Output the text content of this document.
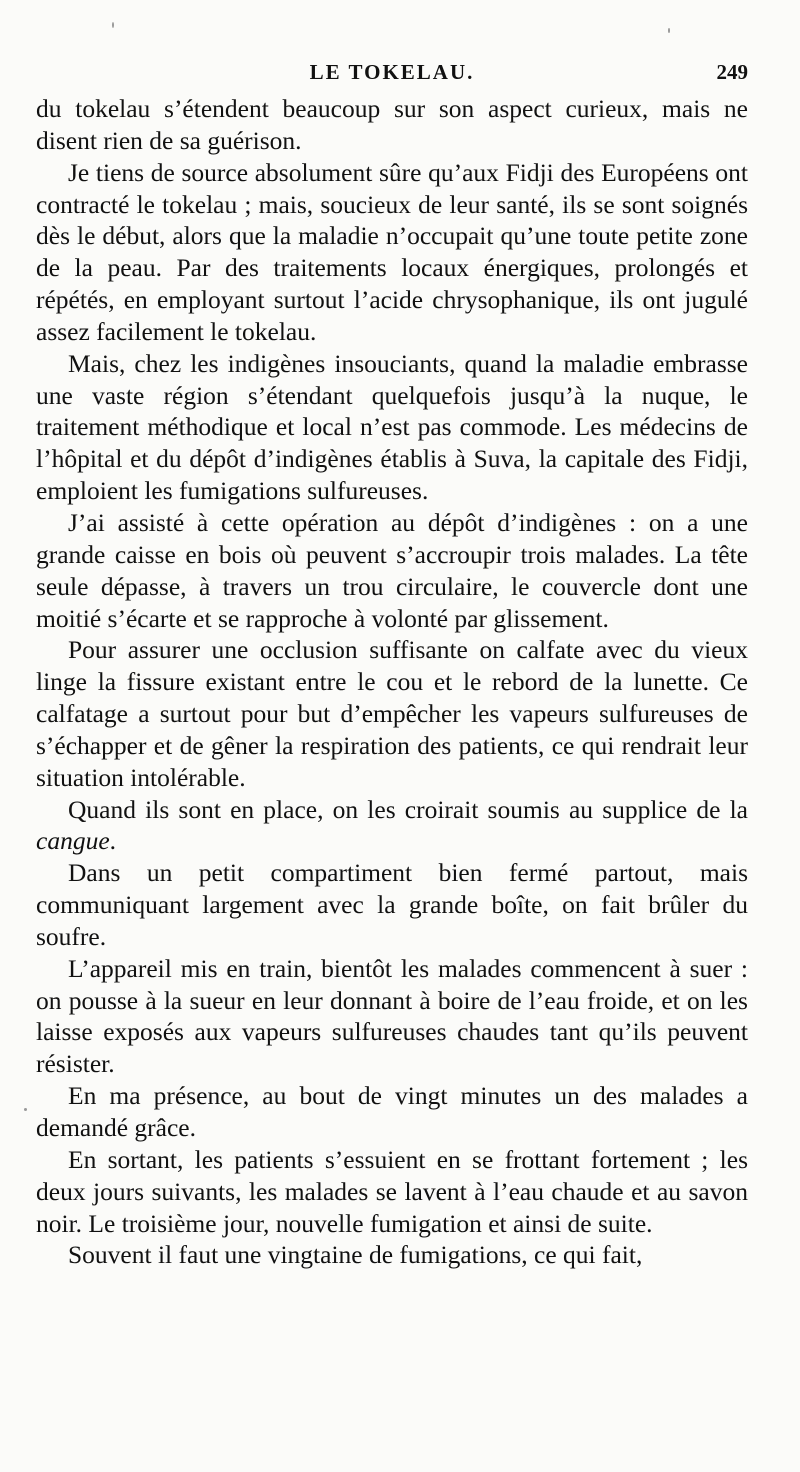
LE TOKELAU.	249

du tokelau s’étendent beaucoup sur son aspect curieux, mais ne disent rien de sa guérison.

Je tiens de source absolument sûre qu’aux Fidji des Européens ont contracté le tokelau ; mais, soucieux de leur santé, ils se sont soignés dès le début, alors que la maladie n’occupait qu’une toute petite zone de la peau. Par des traitements locaux énergiques, prolongés et répétés, en employant surtout l’acide chrysophanique, ils ont jugulé assez facilement le tokelau.

Mais, chez les indigènes insouciants, quand la maladie embrasse une vaste région s’étendant quelquefois jusqu’à la nuque, le traitement méthodique et local n’est pas commode. Les médecins de l’hôpital et du dépôt d’indigènes établis à Suva, la capitale des Fidji, emploient les fumigations sulfureuses.

J’ai assisté à cette opération au dépôt d’indigènes : on a une grande caisse en bois où peuvent s’accroupir trois malades. La tête seule dépasse, à travers un trou circulaire, le couvercle dont une moitié s’écarte et se rapproche à volonté par glissement.

Pour assurer une occlusion suffisante on calfate avec du vieux linge la fissure existant entre le cou et le rebord de la lunette. Ce calfatage a surtout pour but d’empêcher les vapeurs sulfureuses de s’échapper et de gêner la respiration des patients, ce qui rendrait leur situation intolérable.

Quand ils sont en place, on les croirait soumis au supplice de la cangue.

Dans un petit compartiment bien fermé partout, mais communiquant largement avec la grande boîte, on fait brûler du soufre.

L’appareil mis en train, bientôt les malades commencent à suer : on pousse à la sueur en leur donnant à boire de l’eau froide, et on les laisse exposés aux vapeurs sulfureuses chaudes tant qu’ils peuvent résister.

En ma présence, au bout de vingt minutes un des malades a demandé grâce.

En sortant, les patients s’essuient en se frottant fortement ; les deux jours suivants, les malades se lavent à l’eau chaude et au savon noir. Le troisième jour, nouvelle fumigation et ainsi de suite.

Souvent il faut une vingtaine de fumigations, ce qui fait,
